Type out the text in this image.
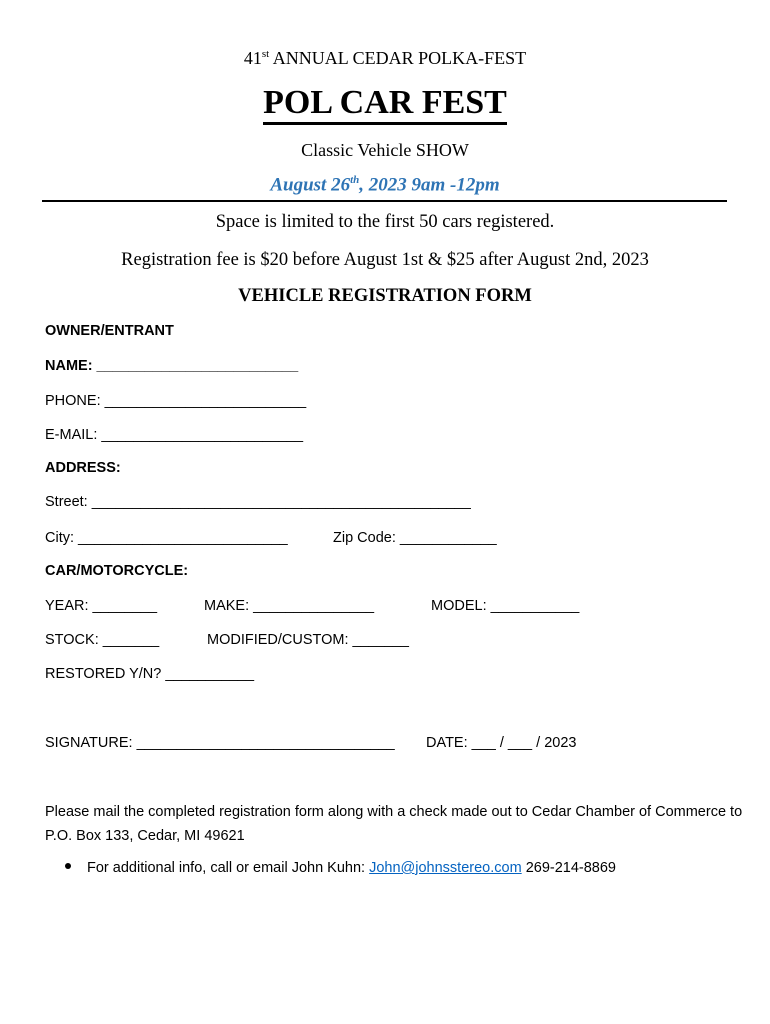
41st ANNUAL CEDAR POLKA-FEST
POL CAR FEST
Classic Vehicle SHOW
August 26th, 2023 9am -12pm
Space is limited to the first 50 cars registered.
Registration fee is $20 before August 1st & $25 after August 2nd, 2023
VEHICLE REGISTRATION FORM
OWNER/ENTRANT
NAME: _________________________
PHONE: _________________________
E-MAIL: _________________________
ADDRESS:
Street: _______________________________________________
City: __________________________	Zip Code: ____________
CAR/MOTORCYCLE:
YEAR: ________	MAKE: _______________	MODEL: ___________
STOCK: _______	MODIFIED/CUSTOM: _______
RESTORED Y/N? ___________
SIGNATURE: ________________________________ DATE: ___ / ___ / 2023
Please mail the completed registration form along with a check made out to Cedar Chamber of Commerce to P.O. Box 133, Cedar, MI 49621
For additional info, call or email John Kuhn: John@johnsstereo.com 269-214-8869
